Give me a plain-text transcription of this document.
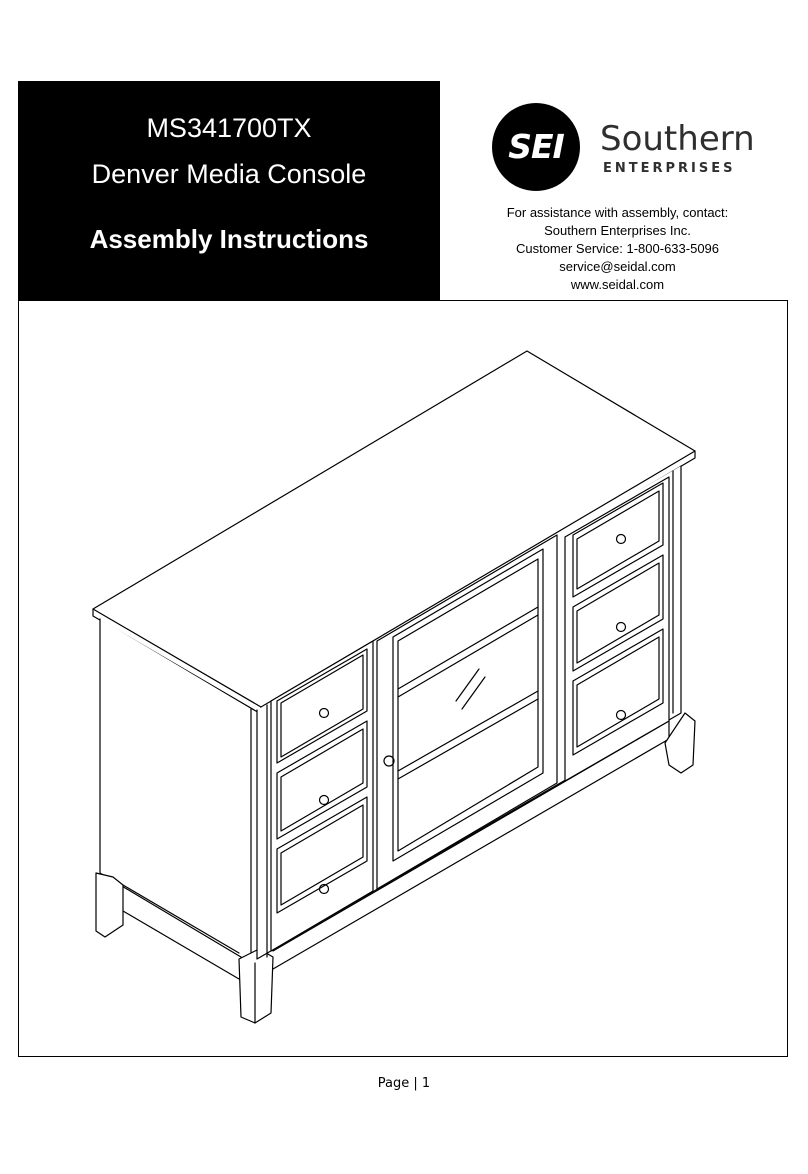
MS341700TX
Denver Media Console
Assembly Instructions
SEI	Southern
ENTERPRISES
For assistance with assembly, contact:
Southern Enterprises Inc.
Customer Service: 1-800-633-5096
service@seidal.com
www.seidal.com
Page | 1
